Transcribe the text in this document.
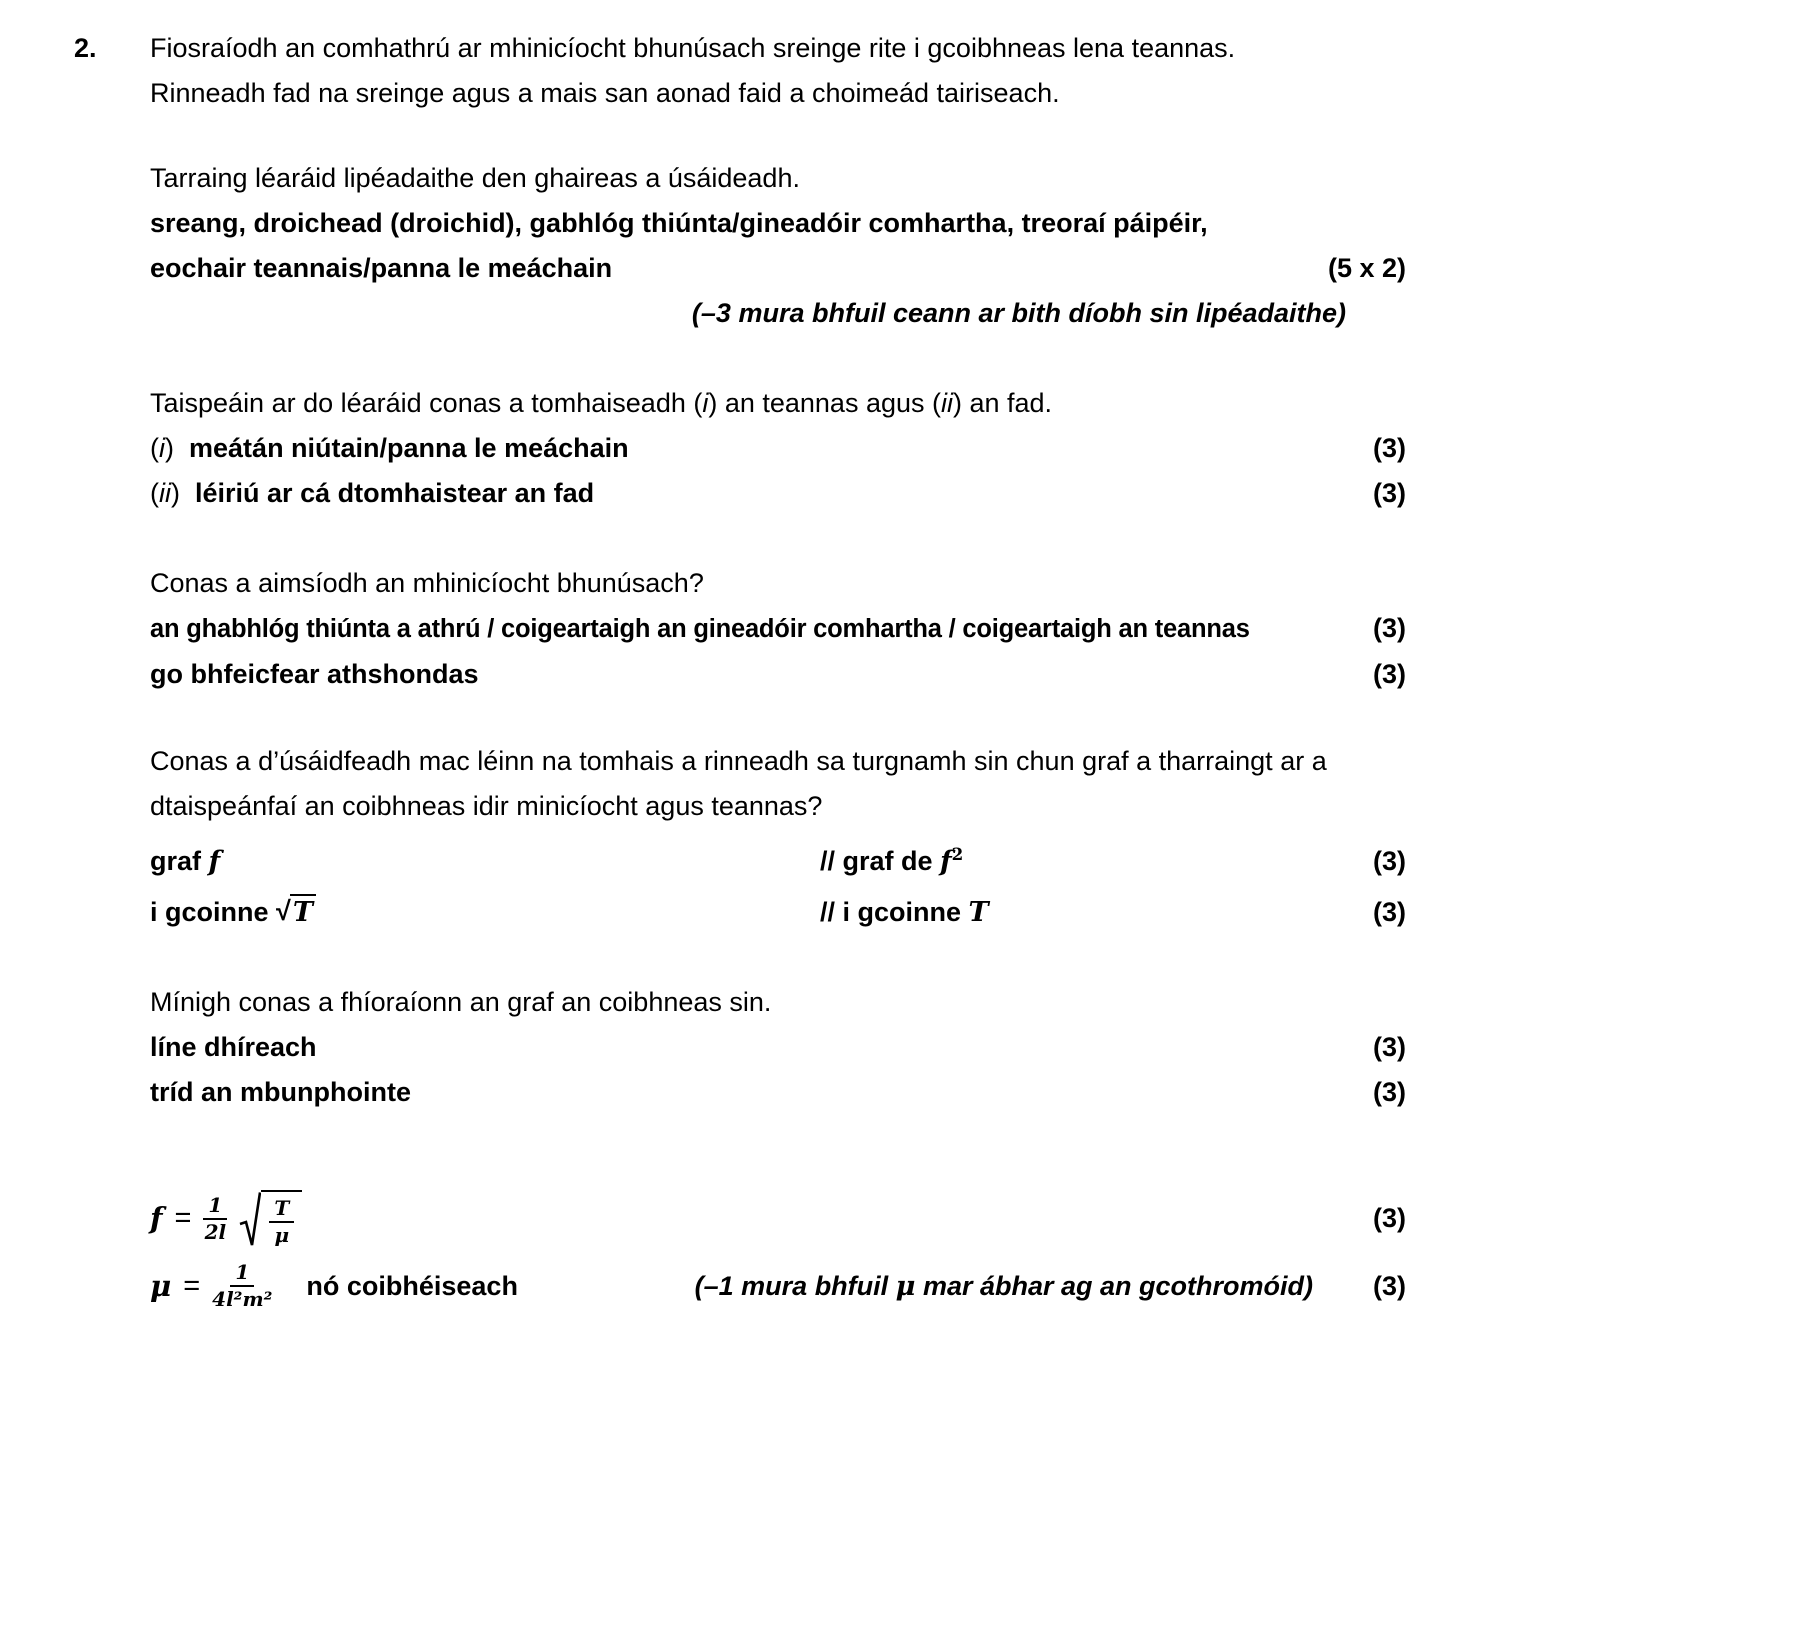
2. Fiosraíodh an comhathrú ar mhinicíocht bhunúsach sreinge rite i gcoibhneas lena teannas.

Rinneadh fad na sreinge agus a mais san aonad faid a choimeád tairiseach.

Tarraing léaráid lipéadaithe den ghaireas a úsáideadh.

sreang, droichead (droichid), gabhlóg thiúnta/gineadóir comhartha, treoraí páipéir,

eochair teannais/panna le meáchain	(5 x 2)

(–3 mura bhfuil ceann ar bith díobh sin lipéadaithe)

Taispeáin ar do léaráid conas a tomhaiseadh (i) an teannas agus (ii) an fad.

(i)  meátán niútain/panna le meáchain	(3)

(ii)  léiriú ar cá dtomhaistear an fad	(3)

Conas a aimsíodh an mhinicíocht bhunúsach?

an ghabhlóg thiúnta a athrú / coigeartaigh an gineadóir comhartha / coigeartaigh an teannas	(3)

go bhfeicfear athshondas	(3)

Conas a d’úsáidfeadh mac léinn na tomhais a rinneadh sa turgnamh sin chun graf a tharraingt ar a dtaispeánfaí an coibhneas idir minicíocht agus teannas?

graf f	// graf de $f^2$	(3)

i gcoinne √T	// i gcoinne T	(3)

Mínigh conas a fhíoraíonn an graf an coibhneas sin.

líne dhíreach	(3)

tríd an mbunphointe	(3)

$f = \frac{1}{2l} \frac{T}{\mu}$	(3)
$\mu = \frac{1}{\text{4l²m²}}$ nó coibhéiseach	(–1 mura bhfuil μ mar ábhar ag an gcothromóid) (3)
